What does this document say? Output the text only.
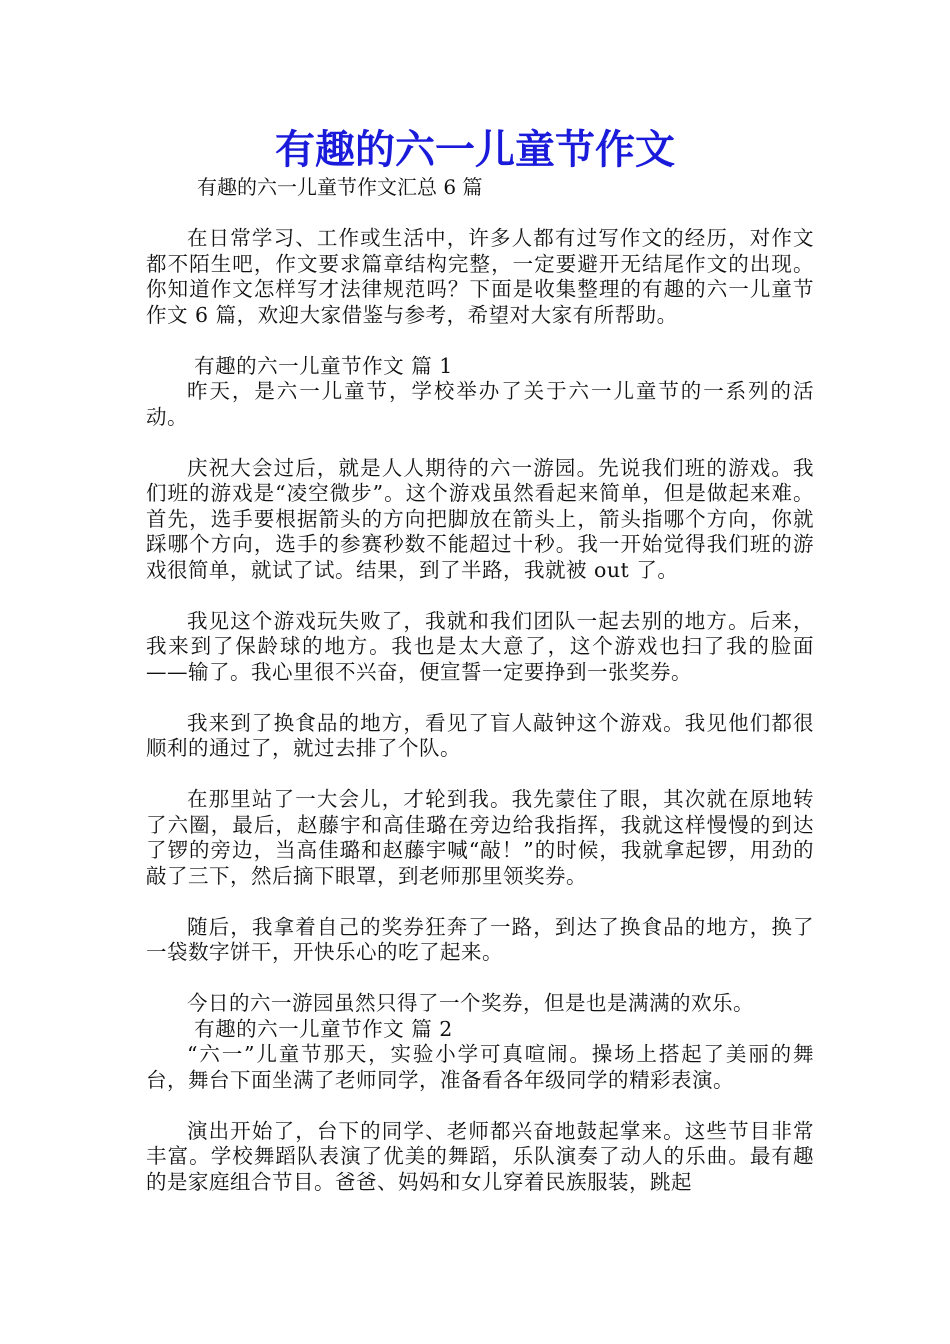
有趣的六一儿童节作文

有趣的六一儿童节作文汇总 6 篇

在日常学习、工作或生活中，许多人都有过写作文的经历，对作文都不陌生吧，作文要求篇章结构完整，一定要避开无结尾作文的出现。你知道作文怎样写才法律规范吗？下面是收集整理的有趣的六一儿童节作文 6 篇，欢迎大家借鉴与参考，希望对大家有所帮助。

有趣的六一儿童节作文 篇 1

昨天，是六一儿童节，学校举办了关于六一儿童节的一系列的活动。

庆祝大会过后，就是人人期待的六一游园。先说我们班的游戏。我们班的游戏是“凌空微步”。这个游戏虽然看起来简单，但是做起来难。首先，选手要根据箭头的方向把脚放在箭头上，箭头指哪个方向，你就踩哪个方向，选手的参赛秒数不能超过十秒。我一开始觉得我们班的游戏很简单，就试了试。结果，到了半路，我就被 out 了。

我见这个游戏玩失败了，我就和我们团队一起去别的地方。后来，我来到了保龄球的地方。我也是太大意了，这个游戏也扫了我的脸面——输了。我心里很不兴奋，便宣誓一定要挣到一张奖券。

我来到了换食品的地方，看见了盲人敲钟这个游戏。我见他们都很顺利的通过了，就过去排了个队。

在那里站了一大会儿，才轮到我。我先蒙住了眼，其次就在原地转了六圈，最后，赵藤宇和高佳璐在旁边给我指挥，我就这样慢慢的到达了锣的旁边，当高佳璐和赵藤宇喊“敲！”的时候，我就拿起锣，用劲的敲了三下，然后摘下眼罩，到老师那里领奖券。

随后，我拿着自己的奖券狂奔了一路，到达了换食品的地方，换了一袋数字饼干，开快乐心的吃了起来。

今日的六一游园虽然只得了一个奖券，但是也是满满的欢乐。

有趣的六一儿童节作文 篇 2

“六一”儿童节那天，实验小学可真喧闹。操场上搭起了美丽的舞台，舞台下面坐满了老师同学，准备看各年级同学的精彩表演。

演出开始了，台下的同学、老师都兴奋地鼓起掌来。这些节目非常丰富。学校舞蹈队表演了优美的舞蹈，乐队演奏了动人的乐曲。最有趣的是家庭组合节目。爸爸、妈妈和女儿穿着民族服装，跳起
